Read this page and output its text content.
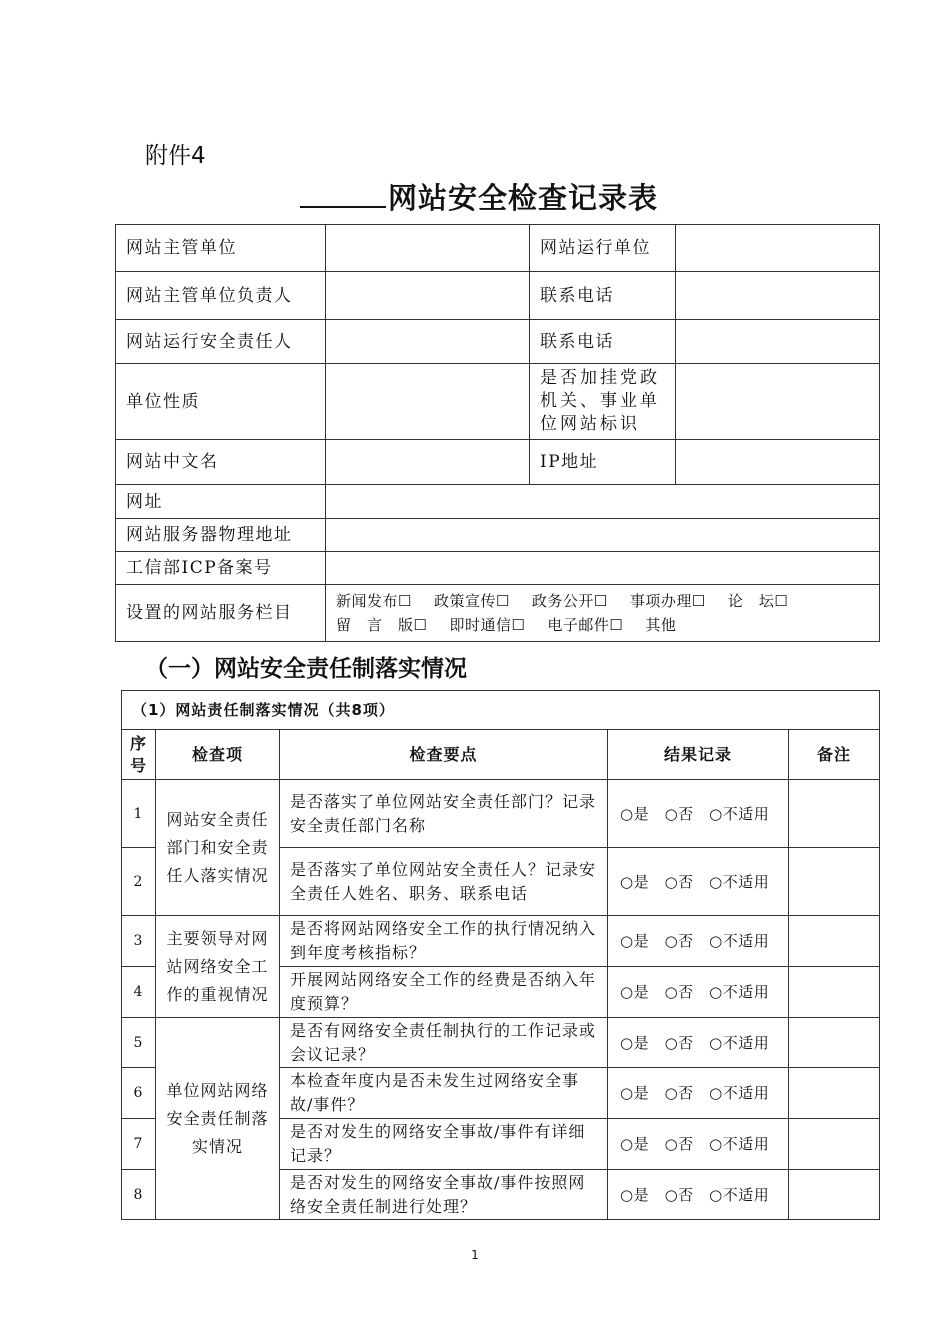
附件4
网站安全检查记录表
网站主管单位		网站运行单位	
网站主管单位负责人		联系电话	
网站运行安全责任人		联系电话	
单位性质		是否加挂党政机关、事业单位网站标识	
网站中文名		IP地址	
网址			
网站服务器物理地址			
工信部ICP备案号			
设置的网站服务栏目	新闻发布☐ 政策宣传☐ 政务公开☐ 事项办理☐ 论　坛☐
留　言　版☐ 即时通信☐ 电子邮件☐ 其他		
（一）网站安全责任制落实情况
（1）网站责任制落实情况（共8项）				
序号	检查项	检查要点	结果记录	备注
1	网站安全责任部门和安全责任人落实情况	是否落实了单位网站安全责任部门？记录安全责任部门名称	○是　○否　○不适用	
2		是否落实了单位网站安全责任人？记录安全责任人姓名、职务、联系电话	○是　○否　○不适用	
3	主要领导对网站网络安全工作的重视情况	是否将网站网络安全工作的执行情况纳入到年度考核指标？	○是　○否　○不适用	
4		开展网站网络安全工作的经费是否纳入年度预算？	○是　○否　○不适用	
5	单位网站网络安全责任制落实情况	是否有网络安全责任制执行的工作记录或会议记录？	○是　○否　○不适用	
6		本检查年度内是否未发生过网络安全事故/事件？	○是　○否　○不适用	
7		是否对发生的网络安全事故/事件有详细记录？	○是　○否　○不适用	
8		是否对发生的网络安全事故/事件按照网络安全责任制进行处理？	○是　○否　○不适用	
1
